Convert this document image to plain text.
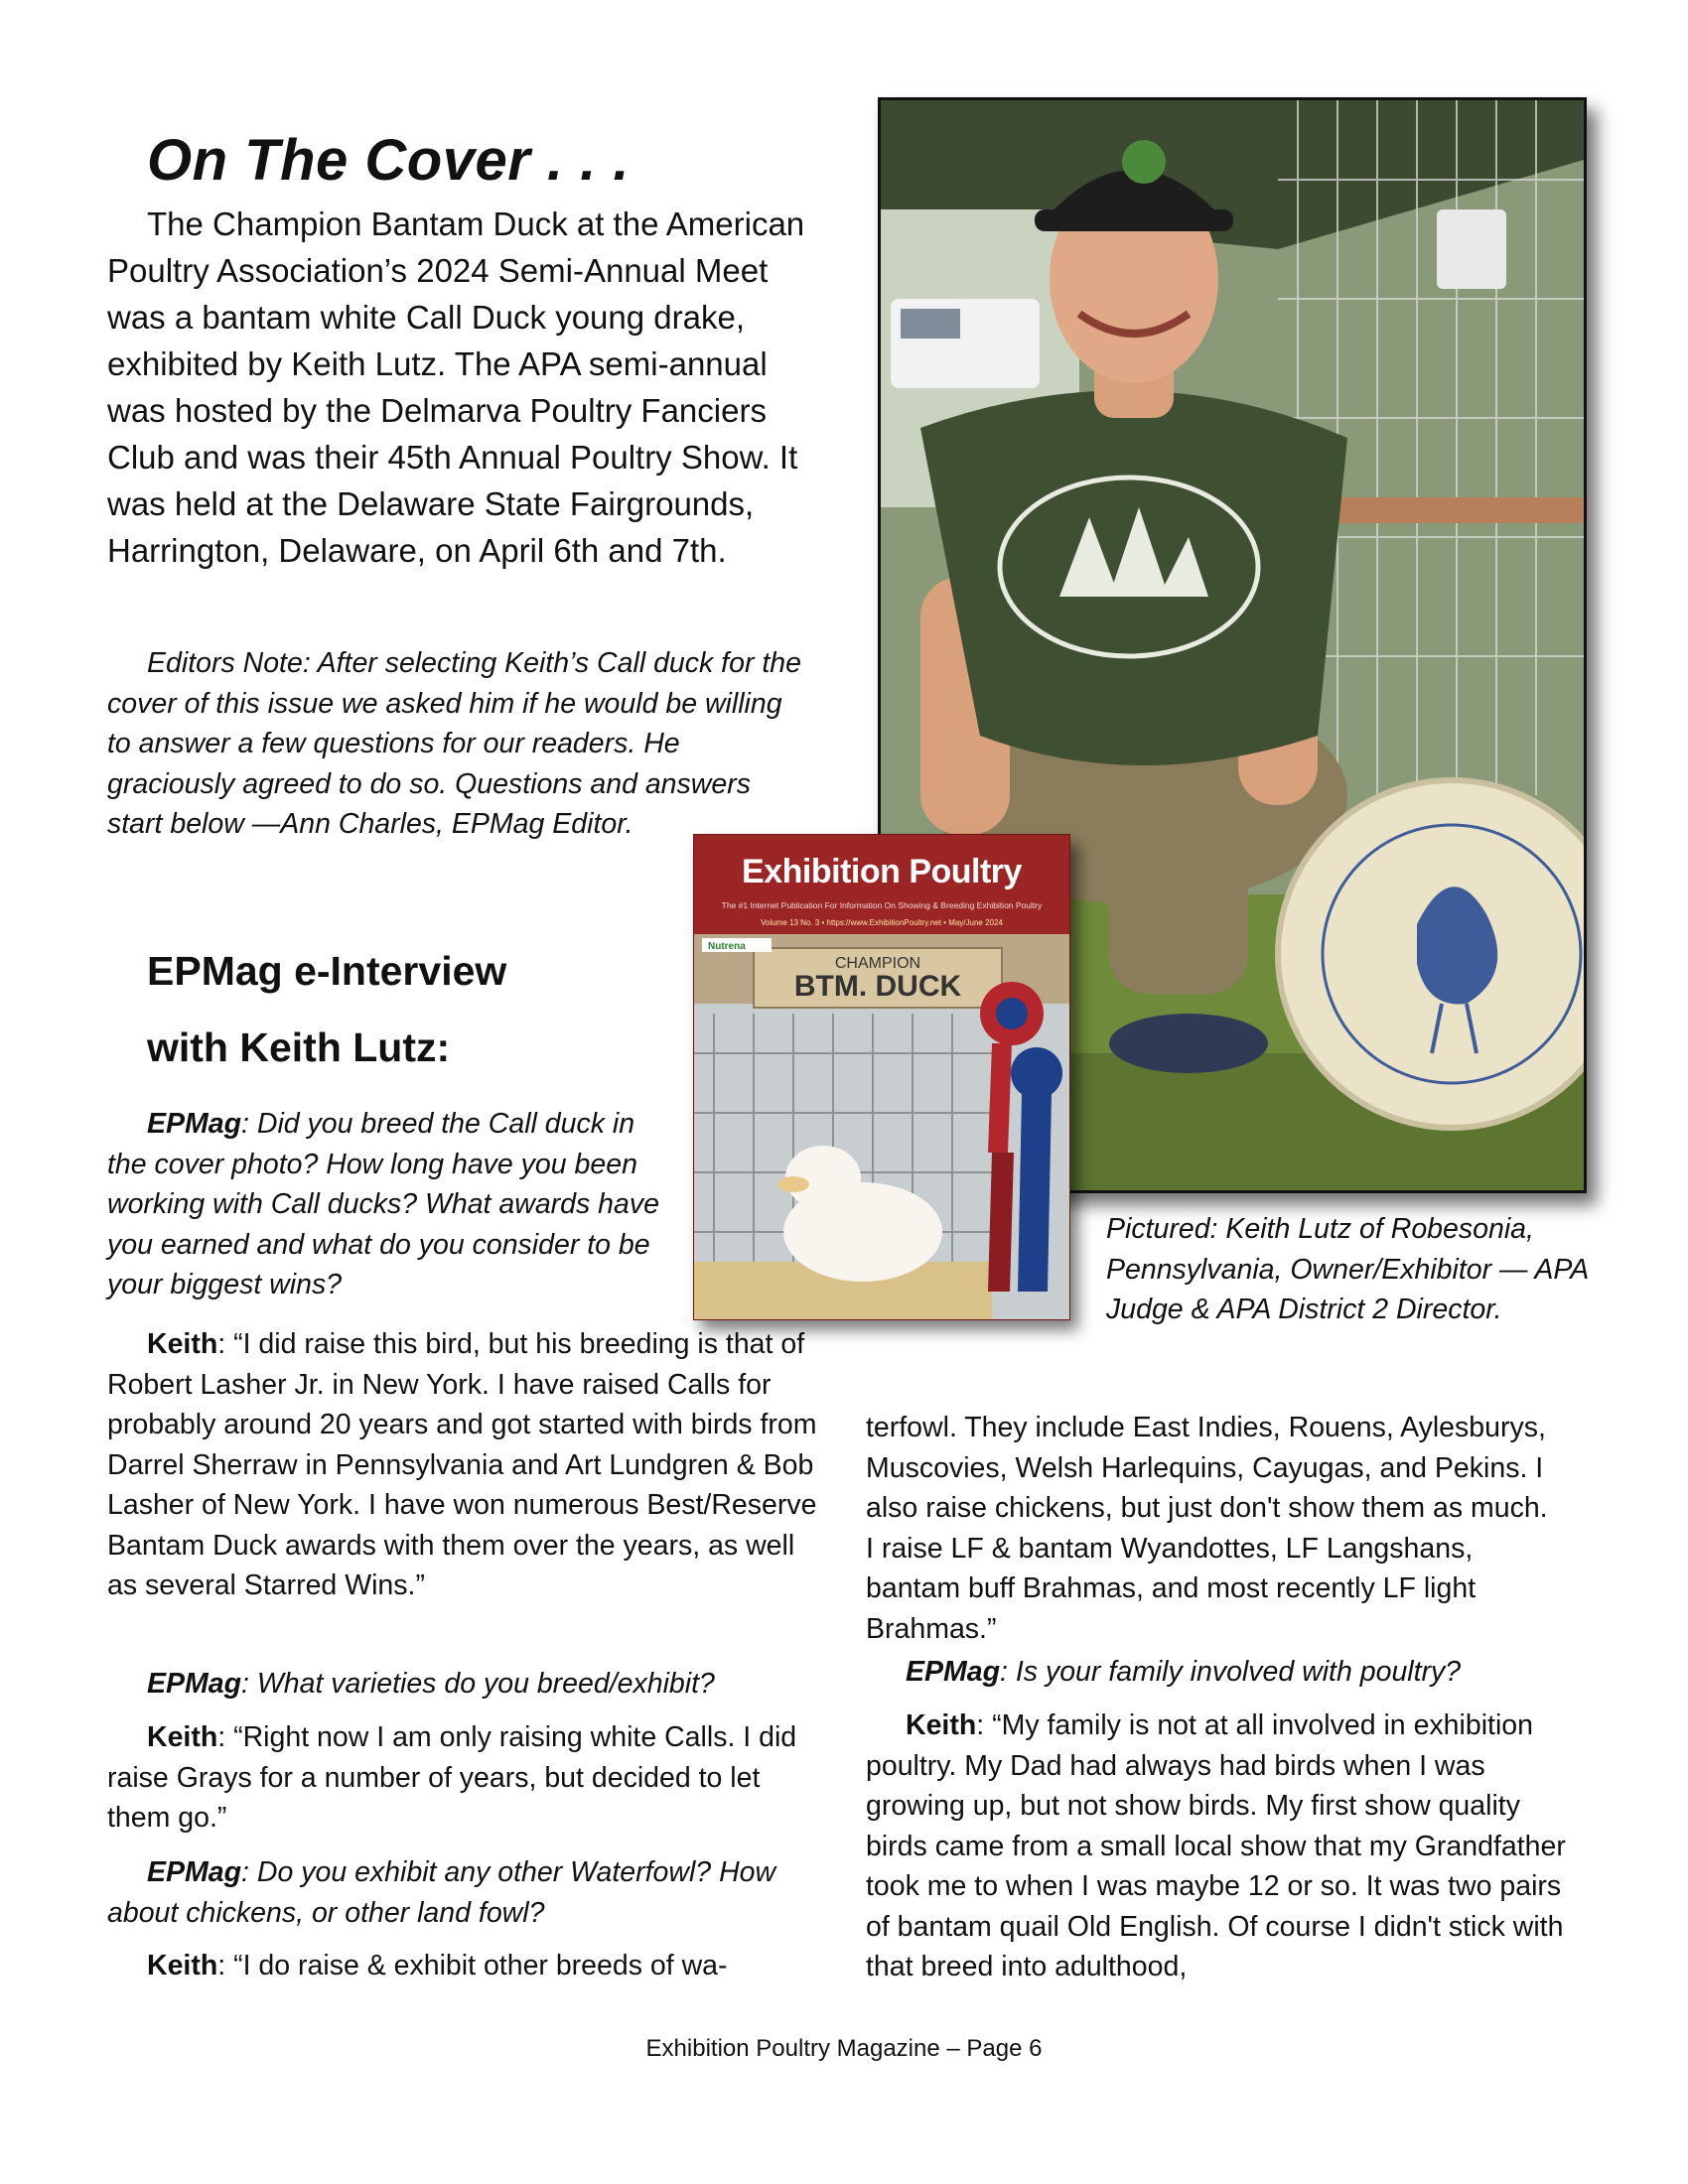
On The Cover . . .

The Champion Bantam Duck at the American Poultry Association’s 2024 Semi-Annual Meet was a bantam white Call Duck young drake, exhibited by Keith Lutz. The APA semi-annual was hosted by the Delmarva Poultry Fanciers Club and was their 45th Annual Poultry Show. It was held at the Delaware State Fairgrounds, Harrington, Delaware, on April 6th and 7th.

Editors Note: After selecting Keith’s Call duck for the cover of this issue we asked him if he would be willing to answer a few questions for our readers. He graciously agreed to do so. Questions and answers start below —Ann Charles, EPMag Editor.

EPMag e-Interview
with Keith Lutz:

EPMag: Did you breed the Call duck in the cover photo? How long have you been working with Call ducks? What awards have you earned and what do you consider to be your biggest wins?

Keith: “I did raise this bird, but his breeding is that of Robert Lasher Jr. in New York. I have raised Calls for probably around 20 years and got started with birds from Darrel Sherraw in Pennsylvania and Art Lundgren & Bob Lasher of New York. I have won numerous Best/Reserve Bantam Duck awards with them over the years, as well as several Starred Wins.”

EPMag: What varieties do you breed/exhibit?

Keith: “Right now I am only raising white Calls. I did raise Grays for a number of years, but decided to let them go.”

EPMag: Do you exhibit any other Waterfowl? How about chickens, or other land fowl?

Keith: “I do raise & exhibit other breeds of wa-

terfowl. They include East Indies, Rouens, Aylesburys, Muscovies, Welsh Harlequins, Cayugas, and Pekins. I also raise chickens, but just don't show them as much. I raise LF & bantam Wyandottes, LF Langshans, bantam buff Brahmas, and most recently LF light Brahmas.”

EPMag: Is your family involved with poultry?

Keith: “My family is not at all involved in exhibition poultry. My Dad had always had birds when I was growing up, but not show birds. My first show quality birds came from a small local show that my Grandfather took me to when I was maybe 12 or so. It was two pairs of bantam quail Old English. Of course I didn't stick with that breed into adulthood,

Exhibition Poultry
The #1 Internet Publication For Information On Showing & Breeding Exhibition Poultry
Volume 13 No. 3 • https://www.ExhibitionPoultry.net • May/June 2024
CHAMPION
BTM. DUCK
Nutrena

Pictured: Keith Lutz of Robesonia, Pennsylvania, Owner/Exhibitor — APA Judge & APA District 2 Director.

Exhibition Poultry Magazine – Page 6
